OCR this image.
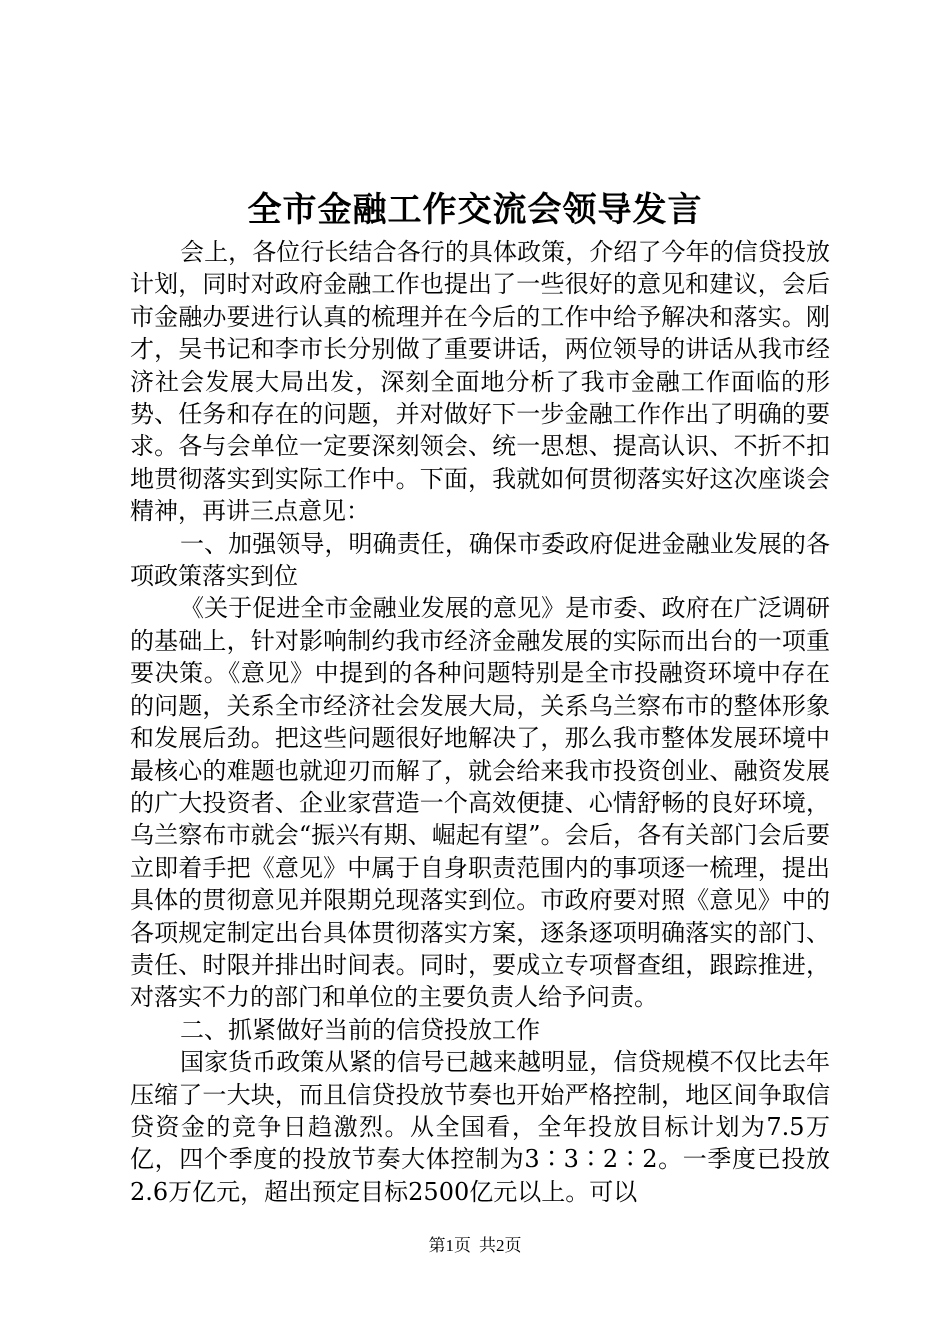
全市金融工作交流会领导发言

会上，各位行长结合各行的具体政策，介绍了今年的信贷投放计划，同时对政府金融工作也提出了一些很好的意见和建议，会后市金融办要进行认真的梳理并在今后的工作中给予解决和落实。刚才，吴书记和李市长分别做了重要讲话，两位领导的讲话从我市经济社会发展大局出发，深刻全面地分析了我市金融工作面临的形势、任务和存在的问题，并对做好下一步金融工作作出了明确的要求。各与会单位一定要深刻领会、统一思想、提高认识、不折不扣地贯彻落实到实际工作中。下面，我就如何贯彻落实好这次座谈会精神，再讲三点意见：

一、加强领导，明确责任，确保市委政府促进金融业发展的各项政策落实到位

《关于促进全市金融业发展的意见》是市委、政府在广泛调研的基础上，针对影响制约我市经济金融发展的实际而出台的一项重要决策。《意见》中提到的各种问题特别是全市投融资环境中存在的问题，关系全市经济社会发展大局，关系乌兰察布市的整体形象和发展后劲。把这些问题很好地解决了，那么我市整体发展环境中最核心的难题也就迎刃而解了，就会给来我市投资创业、融资发展的广大投资者、企业家营造一个高效便捷、心情舒畅的良好环境，乌兰察布市就会“振兴有期、崛起有望”。会后，各有关部门会后要立即着手把《意见》中属于自身职责范围内的事项逐一梳理，提出具体的贯彻意见并限期兑现落实到位。市政府要对照《意见》中的各项规定制定出台具体贯彻落实方案，逐条逐项明确落实的部门、责任、时限并排出时间表。同时，要成立专项督查组，跟踪推进，对落实不力的部门和单位的主要负责人给予问责。

二、抓紧做好当前的信贷投放工作

国家货币政策从紧的信号已越来越明显，信贷规模不仅比去年压缩了一大块，而且信贷投放节奏也开始严格控制，地区间争取信贷资金的竞争日趋激烈。从全国看，全年投放目标计划为7.5万亿，四个季度的投放节奏大体控制为3∶3∶2∶2。一季度已投放2.6万亿元，超出预定目标2500亿元以上。可以

第1页 共2页
